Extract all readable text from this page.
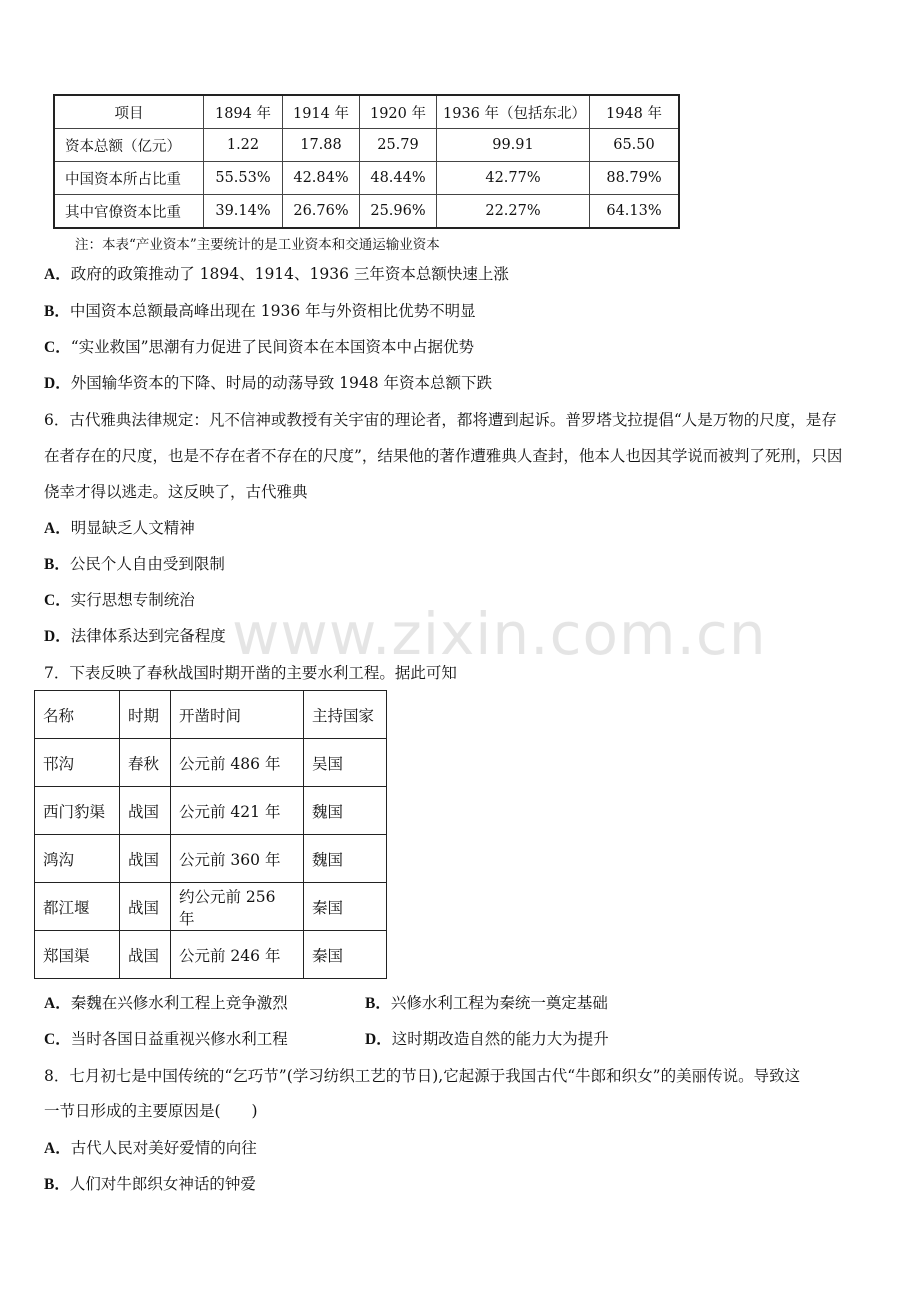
项目	1894 年	1914 年	1920 年	1936 年（包括东北）	1948 年
资本总额（亿元）	1.22	17.88	25.79	99.91	65.50
中国资本所占比重	55.53%	42.84%	48.44%	42.77%	88.79%
其中官僚资本比重	39.14%	26.76%	25.96%	22.27%	64.13%
注：本表“产业资本”主要统计的是工业资本和交通运输业资本
A．政府的政策推动了 1894、1914、1936 三年资本总额快速上涨
B．中国资本总额最高峰出现在 1936 年与外资相比优势不明显
C．“实业救国”思潮有力促进了民间资本在本国资本中占据优势
D．外国输华资本的下降、时局的动荡导致 1948 年资本总额下跌
6．古代雅典法律规定：凡不信神或教授有关宇宙的理论者，都将遭到起诉。普罗塔戈拉提倡“人是万物的尺度，是存
在者存在的尺度，也是不存在者不存在的尺度”，结果他的著作遭雅典人查封，他本人也因其学说而被判了死刑，只因
侥幸才得以逃走。这反映了，古代雅典
A．明显缺乏人文精神
B．公民个人自由受到限制
C．实行思想专制统治
D．法律体系达到完备程度 www.zixin.com.cn
7．下表反映了春秋战国时期开凿的主要水利工程。据此可知
名称	时期	开凿时间	主持国家
邗沟	春秋	公元前 486 年	吴国
西门豹渠	战国	公元前 421 年	魏国
鸿沟	战国	公元前 360 年	魏国
都江堰	战国	约公元前 256 年	秦国
郑国渠	战国	公元前 246 年	秦国
A．秦魏在兴修水利工程上竞争激烈	B．兴修水利工程为秦统一奠定基础
C．当时各国日益重视兴修水利工程	D．这时期改造自然的能力大为提升
8．七月初七是中国传统的“乞巧节”(学习纺织工艺的节日),它起源于我国古代“牛郎和织女”的美丽传说。导致这
一节日形成的主要原因是(　　)
A．古代人民对美好爱情的向往
B．人们对牛郎织女神话的钟爱
